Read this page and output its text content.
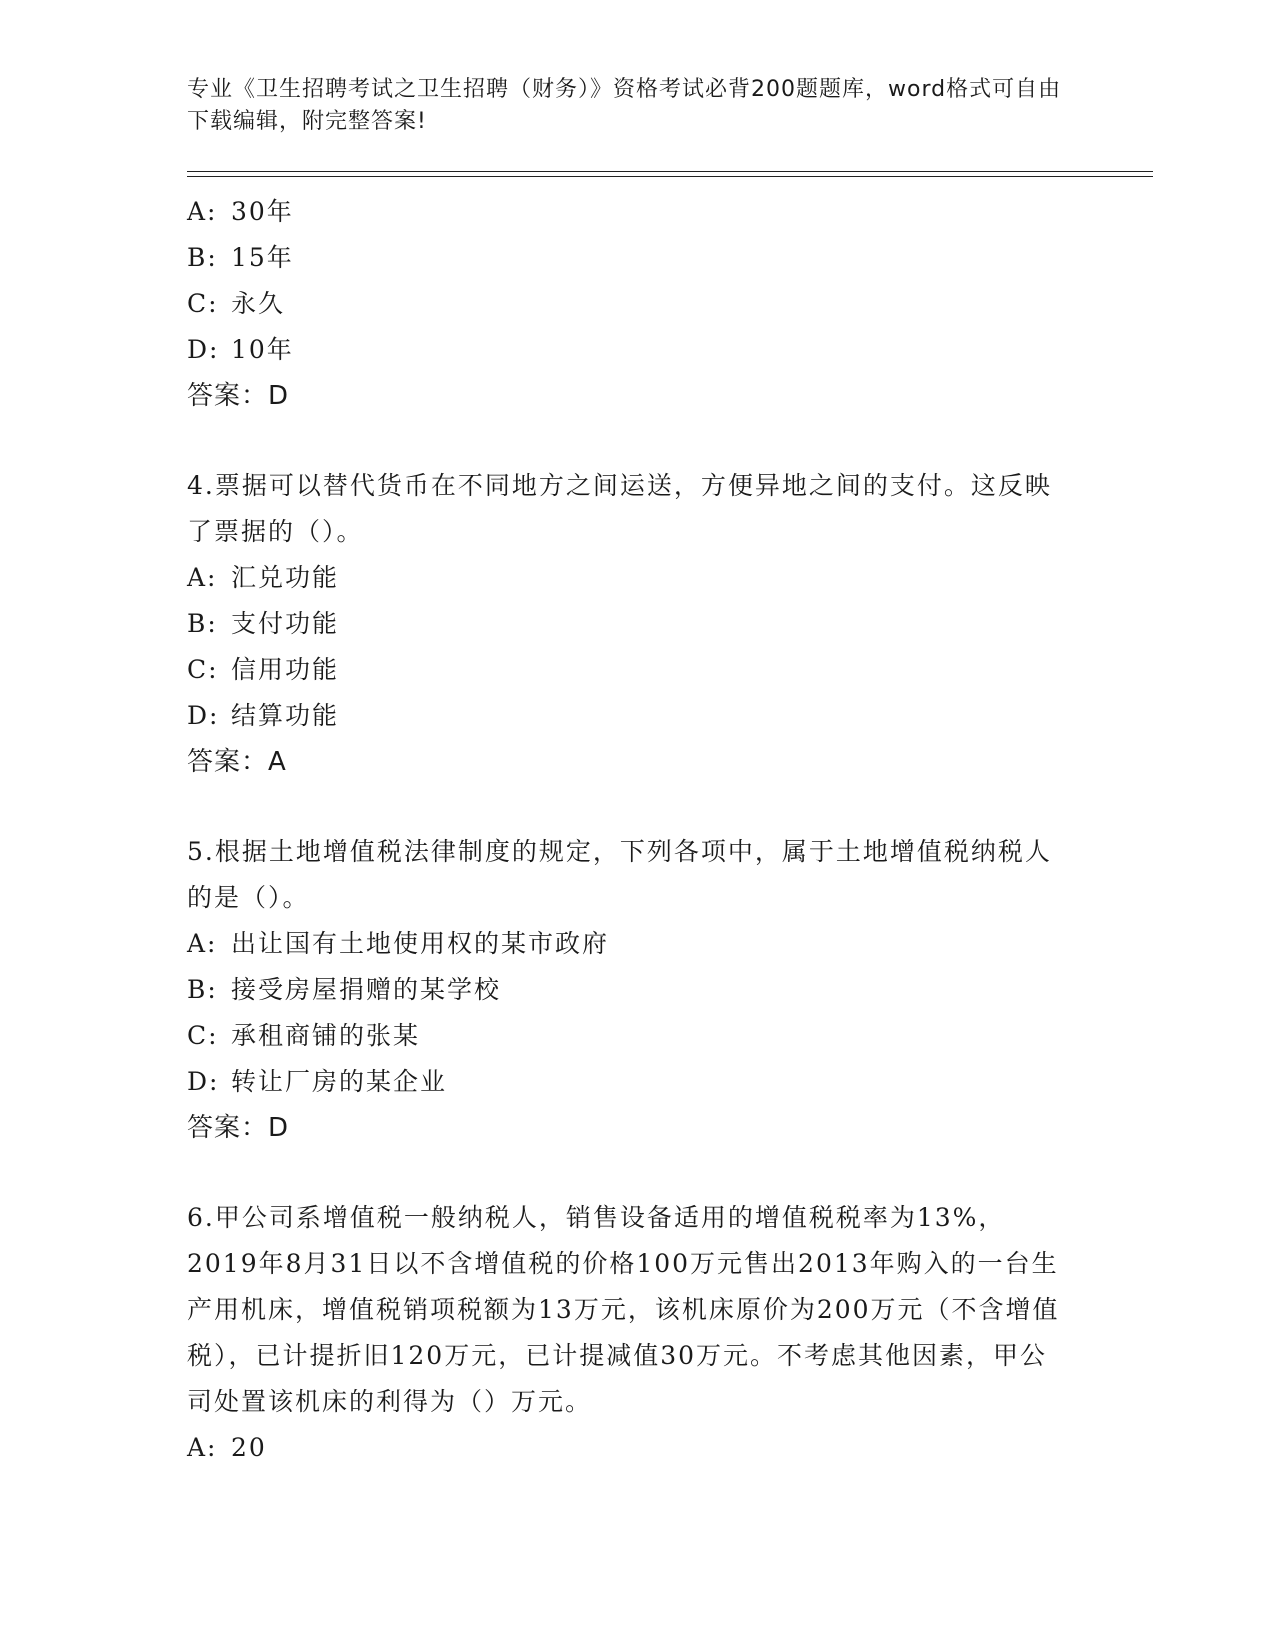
专业《卫生招聘考试之卫生招聘（财务）》资格考试必背200题题库，word格式可自由下载编辑，附完整答案!
A: 30年
B: 15年
C: 永久
D: 10年
答案：D
4.票据可以替代货币在不同地方之间运送，方便异地之间的支付。这反映了票据的（）。
A: 汇兑功能
B: 支付功能
C: 信用功能
D: 结算功能
答案：A
5.根据土地增值税法律制度的规定，下列各项中，属于土地增值税纳税人的是（）。
A: 出让国有土地使用权的某市政府
B: 接受房屋捐赠的某学校
C: 承租商铺的张某
D: 转让厂房的某企业
答案：D
6.甲公司系增值税一般纳税人，销售设备适用的增值税税率为13%，2019年8月31日以不含增值税的价格100万元售出2013年购入的一台生产用机床，增值税销项税额为13万元，该机床原价为200万元（不含增值税），已计提折旧120万元，已计提减值30万元。不考虑其他因素，甲公司处置该机床的利得为（）万元。
A: 20
